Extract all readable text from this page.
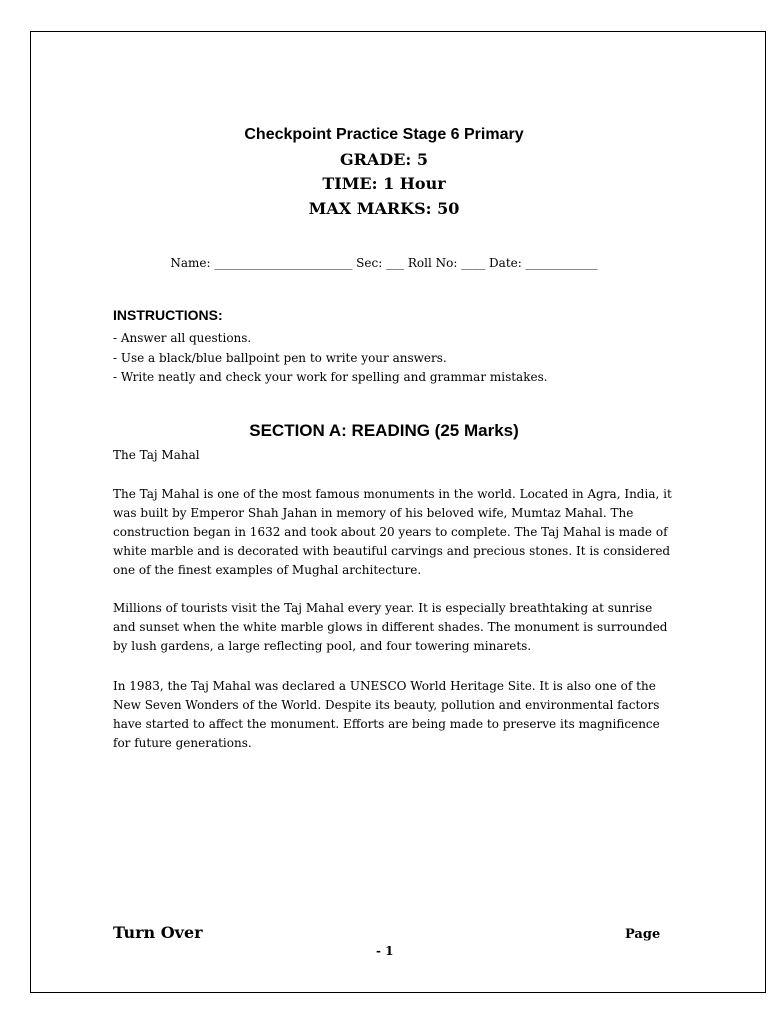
Checkpoint Practice Stage 6 Primary
GRADE: 5
TIME: 1 Hour
MAX MARKS: 50
Name: _______________________ Sec: ___ Roll No: ____ Date: ____________
INSTRUCTIONS:
- Answer all questions.
- Use a black/blue ballpoint pen to write your answers.
- Write neatly and check your work for spelling and grammar mistakes.
SECTION A: READING (25 Marks)

The Taj Mahal

The Taj Mahal is one of the most famous monuments in the world. Located in Agra, India, it was built by Emperor Shah Jahan in memory of his beloved wife, Mumtaz Mahal. The construction began in 1632 and took about 20 years to complete. The Taj Mahal is made of white marble and is decorated with beautiful carvings and precious stones. It is considered one of the finest examples of Mughal architecture.

Millions of tourists visit the Taj Mahal every year. It is especially breathtaking at sunrise and sunset when the white marble glows in different shades. The monument is surrounded by lush gardens, a large reflecting pool, and four towering minarets.

In 1983, the Taj Mahal was declared a UNESCO World Heritage Site. It is also one of the New Seven Wonders of the World. Despite its beauty, pollution and environmental factors have started to affect the monument. Efforts are being made to preserve its magnificence for future generations.

Turn Over	Page
- 1
